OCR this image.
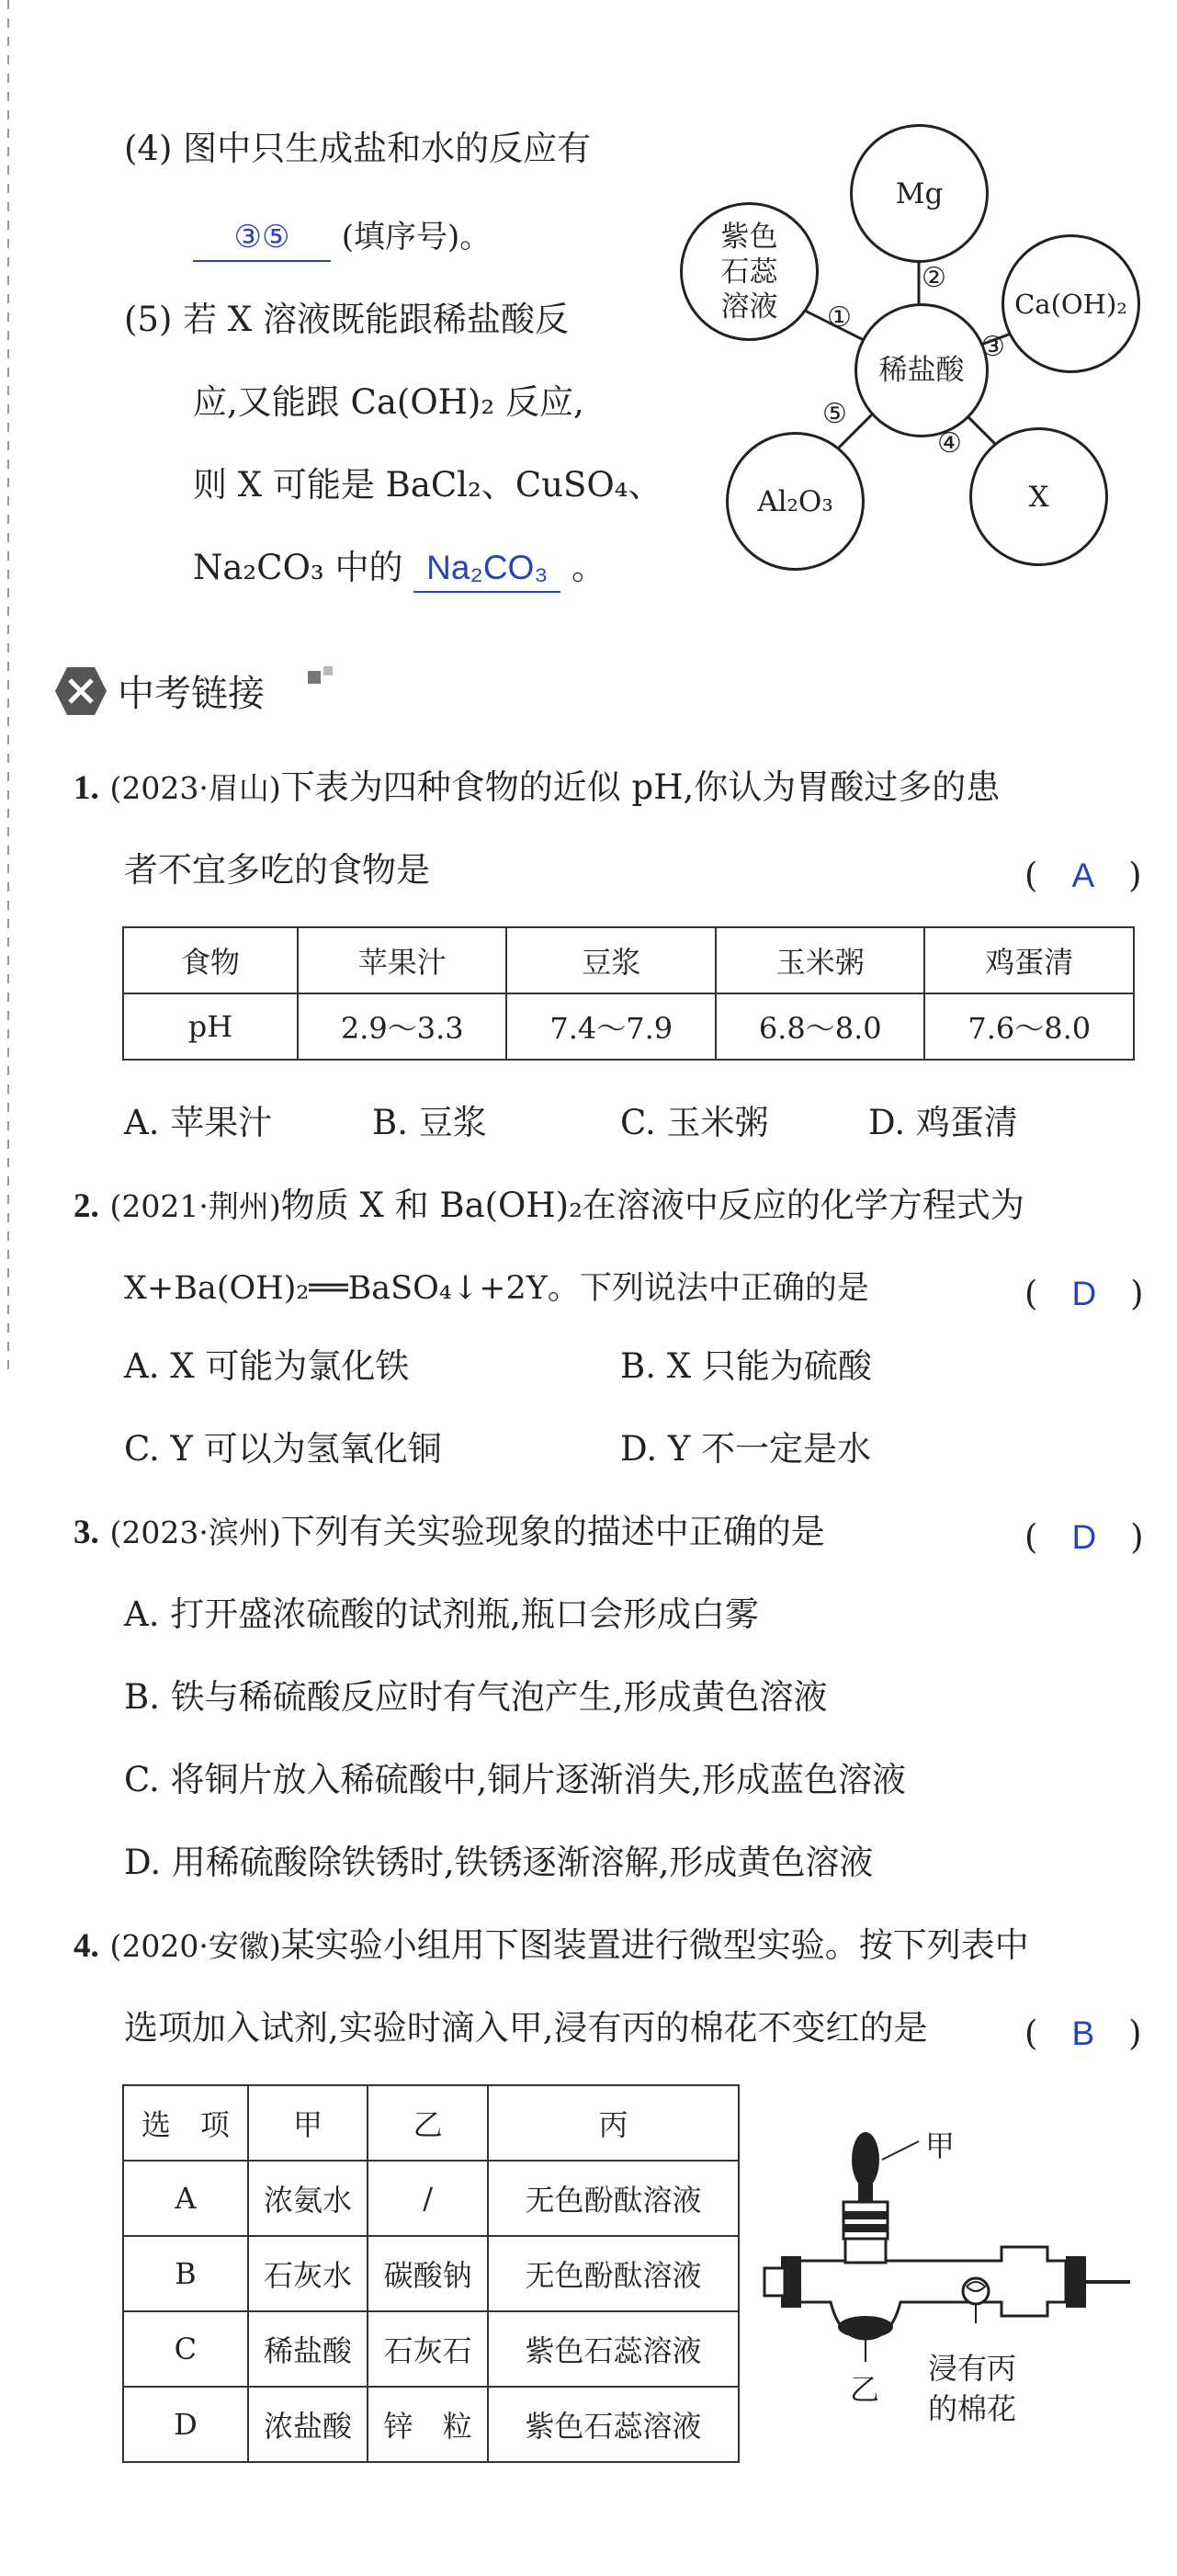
(4) 图中只生成盐和水的反应有
③⑤ (填序号)。
(5) 若 X 溶液既能跟稀盐酸反
应,又能跟 Ca(OH)₂ 反应,
则 X 可能是 BaCl₂、CuSO₄、
Na₂CO₃ 中的 Na₂CO₃ 。
Mg
紫色
石蕊
溶液	Ca(OH)₂
稀盐酸
Al₂O₃	X
①
②
③
④
⑤
中考链接
1. (2023·眉山)下表为四种食物的近似 pH,你认为胃酸过多的患
者不宜多吃的食物是	(　A　)
食物	苹果汁	豆浆	玉米粥	鸡蛋清
pH	2.9～3.3	7.4～7.9	6.8～8.0	7.6～8.0
A. 苹果汁	B. 豆浆	C. 玉米粥	D. 鸡蛋清
2. (2021·荆州)物质 X 和 Ba(OH)₂在溶液中反应的化学方程式为
X+Ba(OH)₂══BaSO₄↓+2Y。下列说法中正确的是	(　D　)
A. X 可能为氯化铁	B. X 只能为硫酸
C. Y 可以为氢氧化铜	D. Y 不一定是水
3. (2023·滨州)下列有关实验现象的描述中正确的是	(　D　)
A. 打开盛浓硫酸的试剂瓶,瓶口会形成白雾
B. 铁与稀硫酸反应时有气泡产生,形成黄色溶液
C. 将铜片放入稀硫酸中,铜片逐渐消失,形成蓝色溶液
D. 用稀硫酸除铁锈时,铁锈逐渐溶解,形成黄色溶液
4. (2020·安徽)某实验小组用下图装置进行微型实验。按下列表中
选项加入试剂,实验时滴入甲,浸有丙的棉花不变红的是	(　B　)
选　项	甲	乙	丙
A	浓氨水	/	无色酚酞溶液
B	石灰水	碳酸钠	无色酚酞溶液
C	稀盐酸	石灰石	紫色石蕊溶液
D	浓盐酸	锌　粒	紫色石蕊溶液
甲
乙
浸有丙
的棉花
